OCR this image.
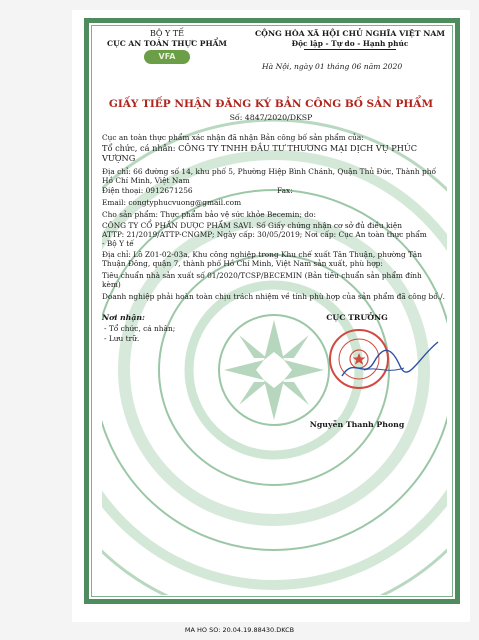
BỘ Y TẾ
CỤC AN TOÀN THỰC PHẨM
VFA
CỘNG HÒA XÃ HỘI CHỦ NGHĨA VIỆT NAM
Độc lập - Tự do - Hạnh phúc
Hà Nội, ngày 01 tháng 06 năm 2020
GIẤY TIẾP NHẬN ĐĂNG KÝ BẢN CÔNG BỐ SẢN PHẨM
Số: 4847/2020/DKSP
Cục an toàn thực phẩm xác nhận đã nhận Bản công bố sản phẩm của:
Tổ chức, cá nhân: CÔNG TY TNHH ĐẦU TƯ THƯƠNG MẠI DỊCH VỤ PHÚC
VƯỢNG
Địa chỉ: 66 đường số 14, khu phố 5, Phường Hiệp Bình Chánh, Quận Thủ Đức, Thành phố
Hồ Chí Minh, Việt Nam
Điện thoại: 0912671256	Fax:
Email: congtyphucvuong@gmail.com
Cho sản phẩm: Thực phẩm bảo vệ sức khỏe Becemin; do:
CÔNG TY CỔ PHẦN DƯỢC PHẨM SAVI. Số Giấy chứng nhận cơ sở đủ điều kiện
ATTP: 21/2019/ATTP-CNGMP; Ngày cấp: 30/05/2019; Nơi cấp: Cục An toàn thực phẩm
- Bộ Y tế
Địa chỉ: Lô Z01-02-03a, Khu công nghiệp trong Khu chế xuất Tân Thuận, phường Tân
Thuận Đông, quận 7, thành phố Hồ Chí Minh, Việt Nam sản xuất, phù hợp:
Tiêu chuẩn nhà sản xuất số 01/2020/TCSP/BECEMIN (Bản tiêu chuẩn sản phẩm đính
kèm)
Doanh nghiệp phải hoàn toàn chịu trách nhiệm về tính phù hợp của sản phẩm đã công bố./.
Nơi nhận:
- Tổ chức, cá nhân;
- Lưu trữ.
CỤC TRƯỞNG
Nguyễn Thanh Phong
MA HO SO: 20.04.19.88430.DKCB
